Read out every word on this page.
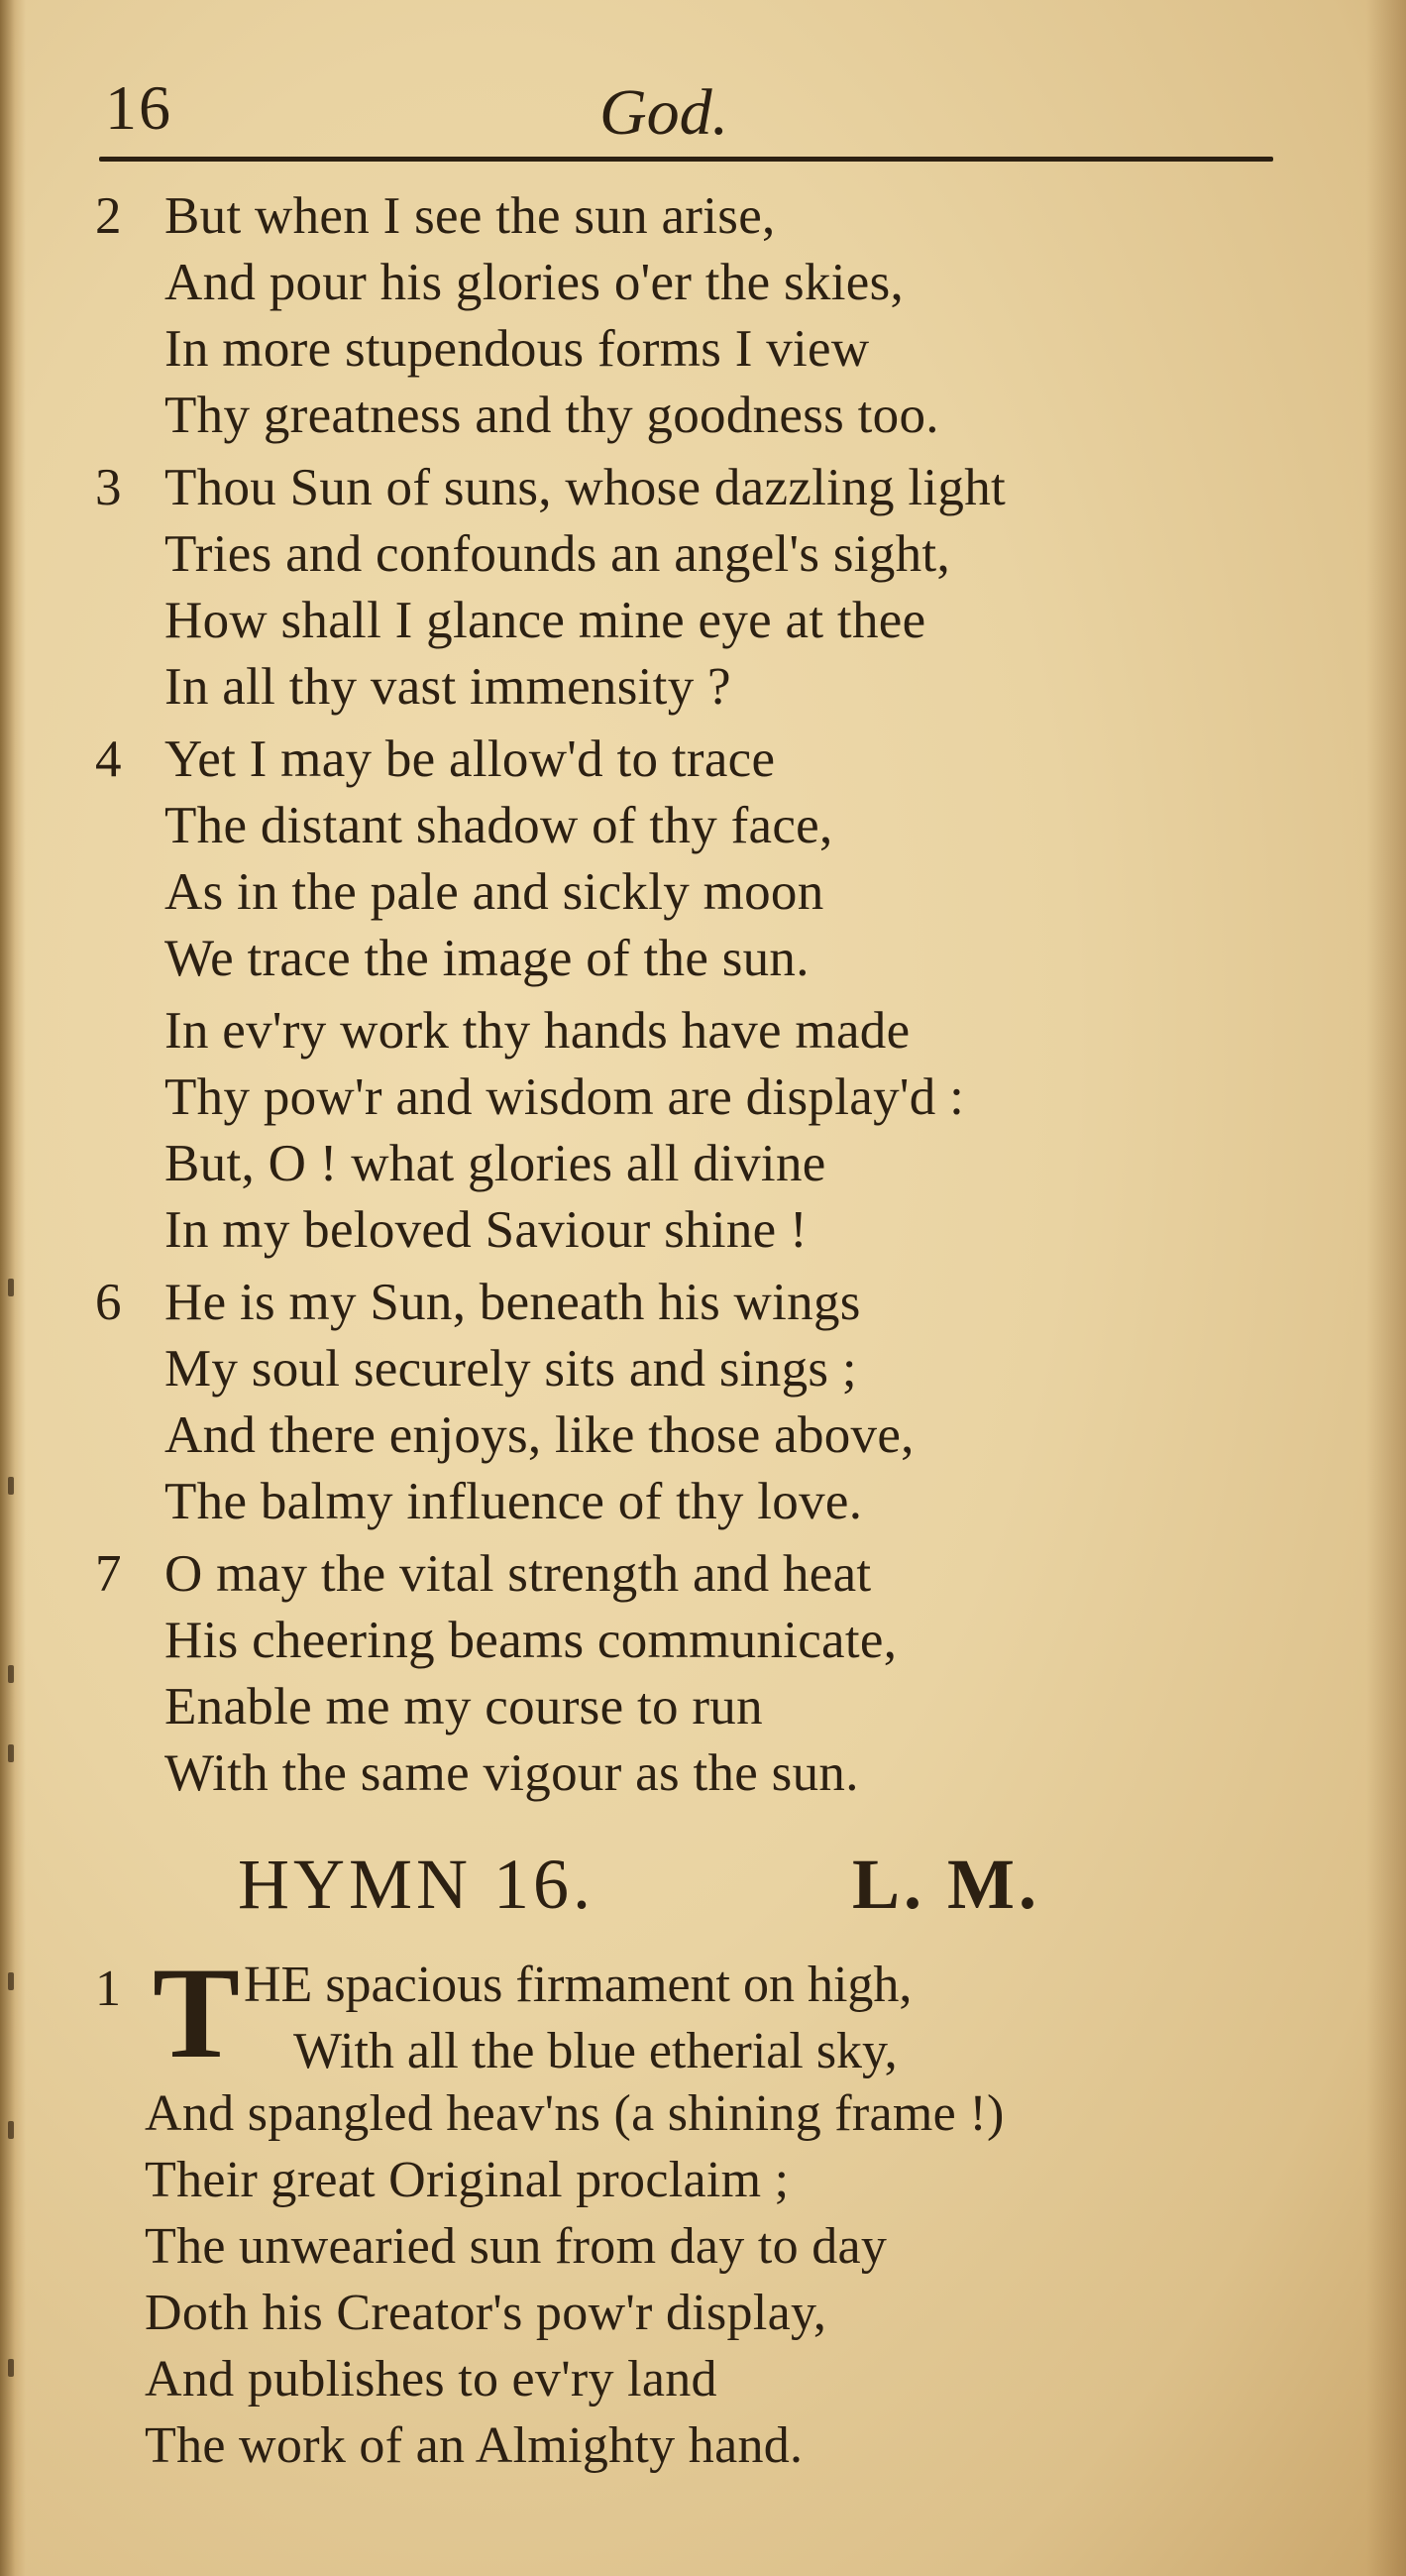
16	God.
2 But when I see the sun arise,
And pour his glories o'er the skies,
In more stupendous forms I view
Thy greatness and thy goodness too.
3 Thou Sun of suns, whose dazzling light
Tries and confounds an angel's sight,
How shall I glance mine eye at thee
In all thy vast immensity ?
4 Yet I may be allow'd to trace
The distant shadow of thy face,
As in the pale and sickly moon
We trace the image of the sun.
In ev'ry work thy hands have made
Thy pow'r and wisdom are display'd :
But, O ! what glories all divine
In my beloved Saviour shine !
6 He is my Sun, beneath his wings
My soul securely sits and sings ;
And there enjoys, like those above,
The balmy influence of thy love.
7 O may the vital strength and heat
His cheering beams communicate,
Enable me my course to run
With the same vigour as the sun.
HYMN 16.	L. M.
1 T HE spacious firmament on high,
With all the blue etherial sky,
And spangled heav'ns (a shining frame !)
Their great Original proclaim ;
The unwearied sun from day to day
Doth his Creator's pow'r display,
And publishes to ev'ry land
The work of an Almighty hand.
